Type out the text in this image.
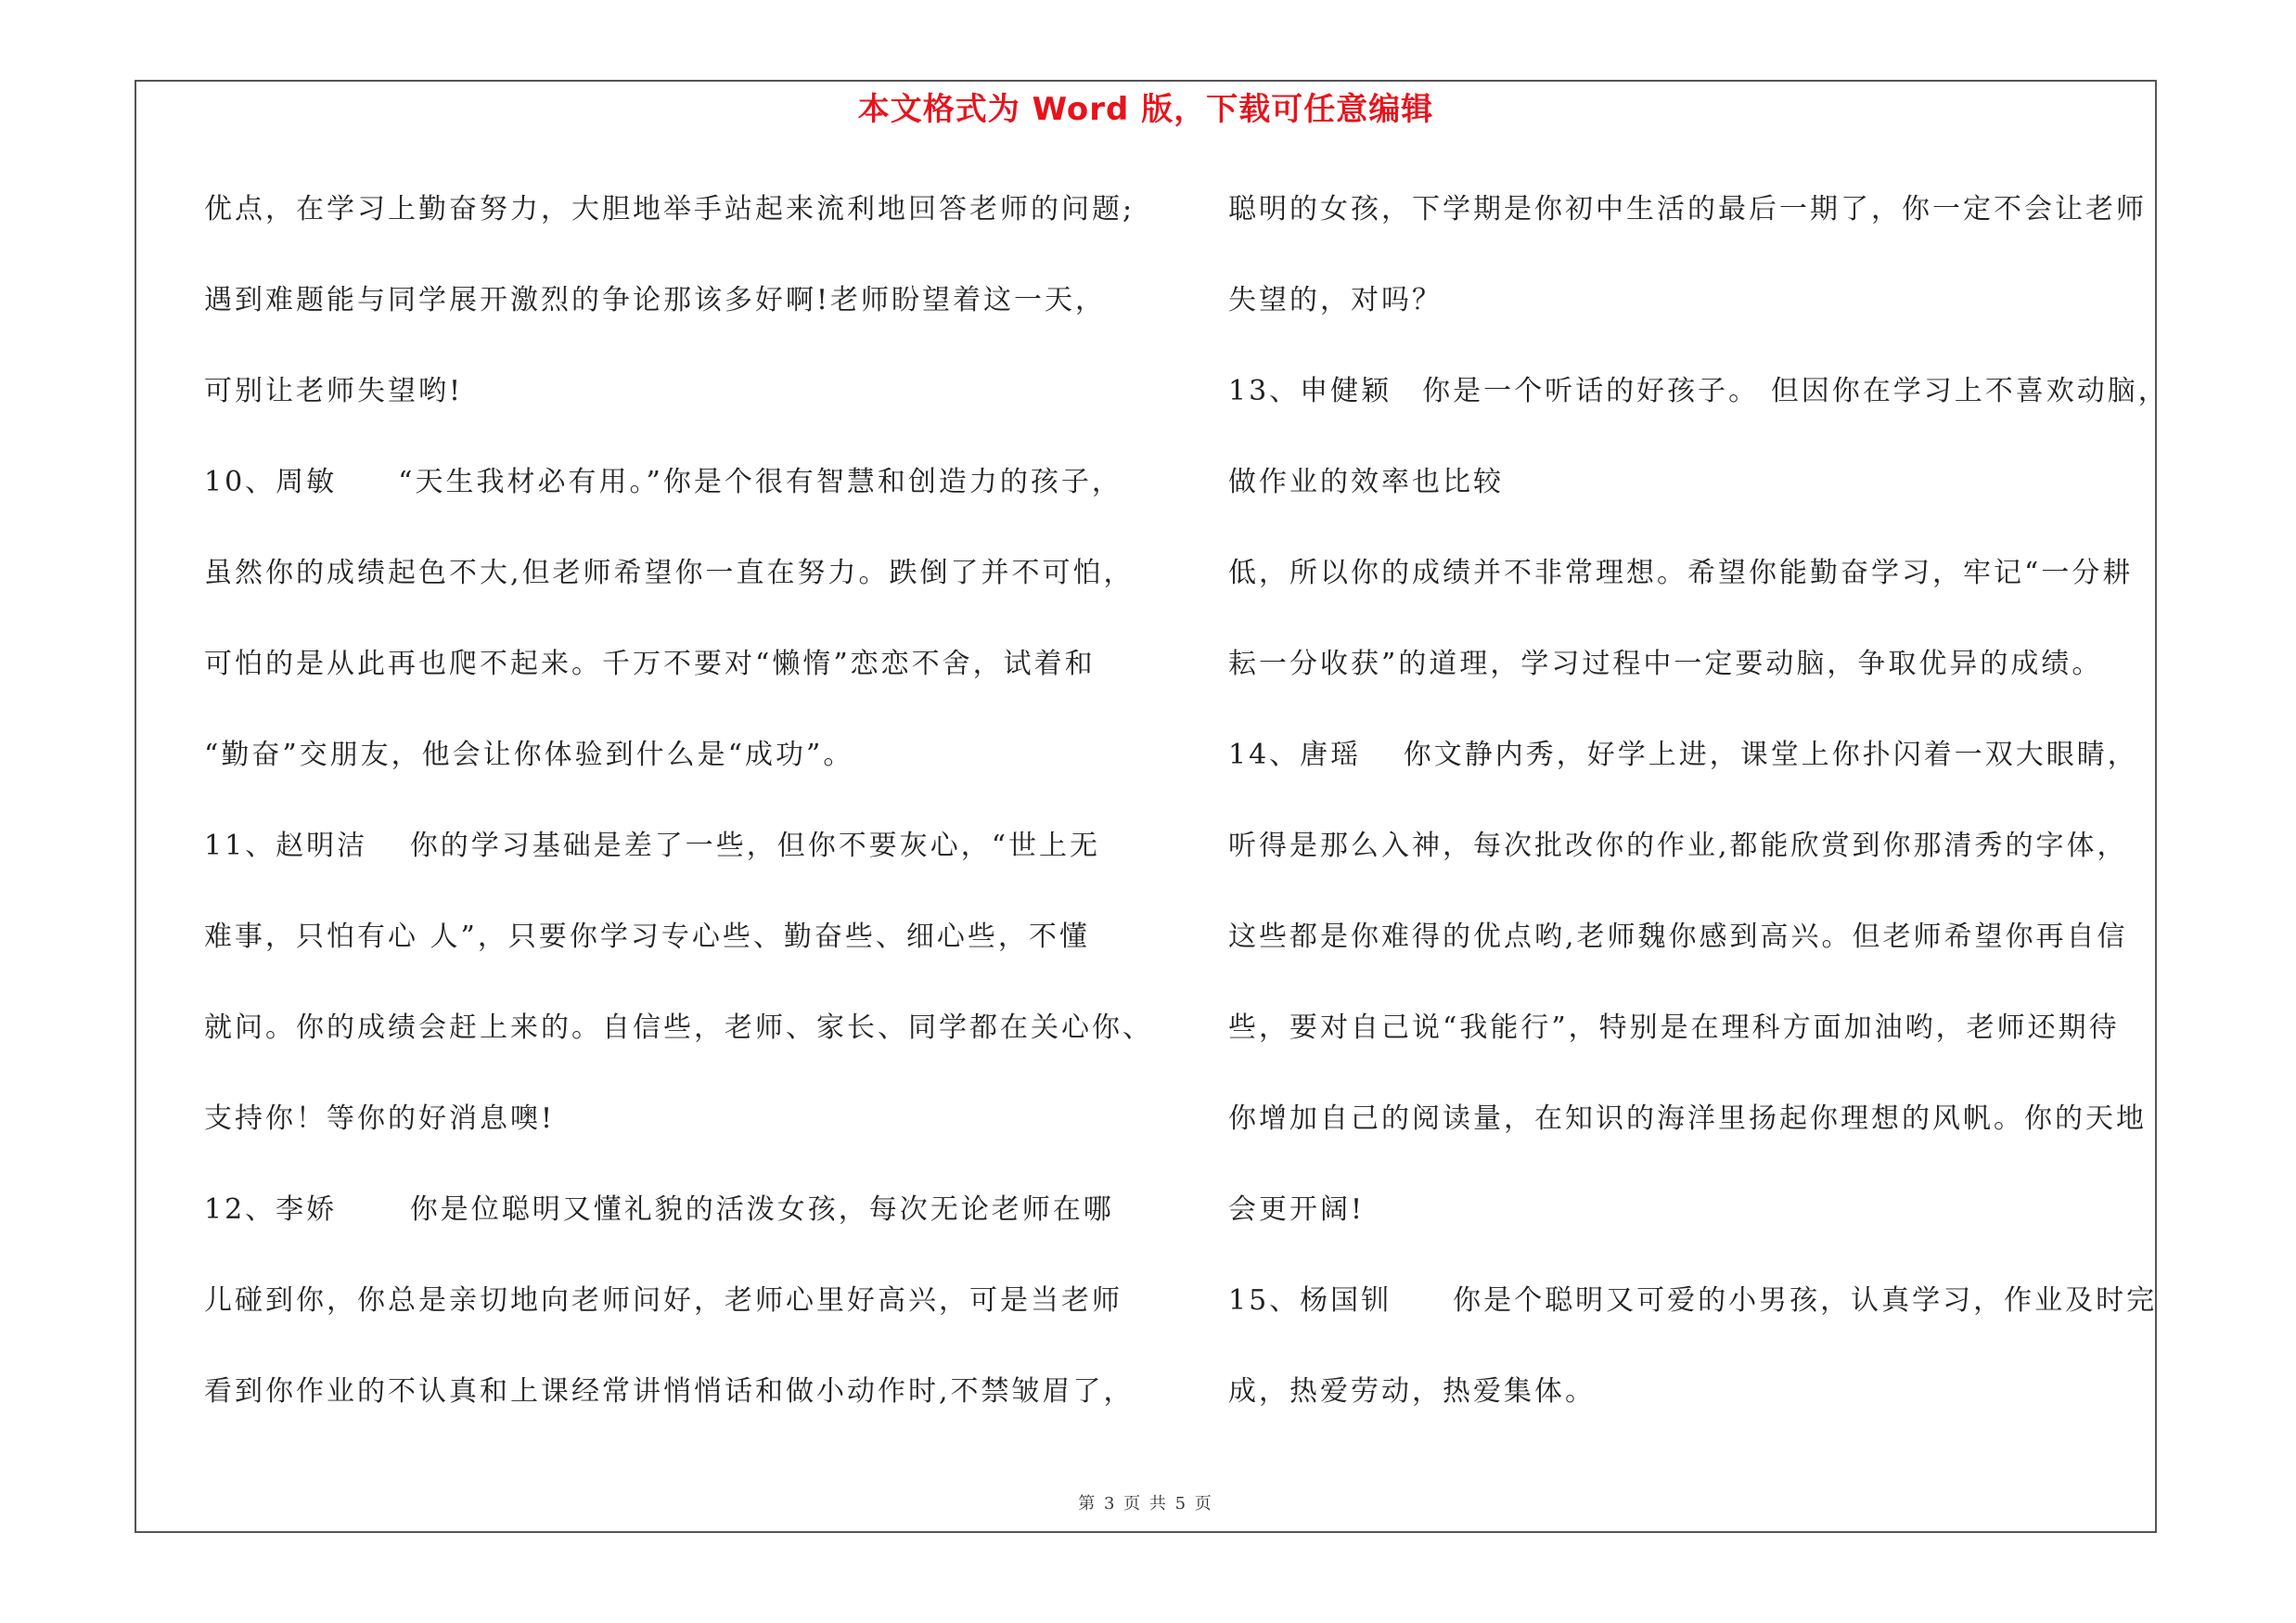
本文格式为 Word 版，下载可任意编辑
优点，在学习上勤奋努力，大胆地举手站起来流利地回答老师的问题;
遇到难题能与同学展开激烈的争论那该多好啊!老师盼望着这一天，
可别让老师失望哟!
10、周敏　　“天生我材必有用。”你是个很有智慧和创造力的孩子，
虽然你的成绩起色不大,但老师希望你一直在努力。跌倒了并不可怕，
可怕的是从此再也爬不起来。千万不要对“懒惰”恋恋不舍，试着和
“勤奋”交朋友，他会让你体验到什么是“成功”。
11、赵明洁　 你的学习基础是差了一些，但你不要灰心，“世上无
难事，只怕有心 人”，只要你学习专心些、勤奋些、细心些，不懂
就问。你的成绩会赶上来的。自信些，老师、家长、同学都在关心你、
支持你！等你的好消息噢!
12、李娇　　 你是位聪明又懂礼貌的活泼女孩，每次无论老师在哪
儿碰到你，你总是亲切地向老师问好，老师心里好高兴，可是当老师
看到你作业的不认真和上课经常讲悄悄话和做小动作时,不禁皱眉了，
聪明的女孩，下学期是你初中生活的最后一期了，你一定不会让老师
失望的，对吗？
13、申健颖　你是一个听话的好孩子。 但因你在学习上不喜欢动脑，
做作业的效率也比较
低，所以你的成绩并不非常理想。希望你能勤奋学习，牢记“一分耕
耘一分收获”的道理，学习过程中一定要动脑，争取优异的成绩。
14、唐瑶　 你文静内秀，好学上进，课堂上你扑闪着一双大眼睛，
听得是那么入神，每次批改你的作业,都能欣赏到你那清秀的字体，
这些都是你难得的优点哟,老师魏你感到高兴。但老师希望你再自信
些，要对自己说“我能行”，特别是在理科方面加油哟，老师还期待
你增加自己的阅读量，在知识的海洋里扬起你理想的风帆。你的天地
会更开阔!
15、杨国钏　　你是个聪明又可爱的小男孩，认真学习，作业及时完
成，热爱劳动，热爱集体。
第 3 页 共 5 页
